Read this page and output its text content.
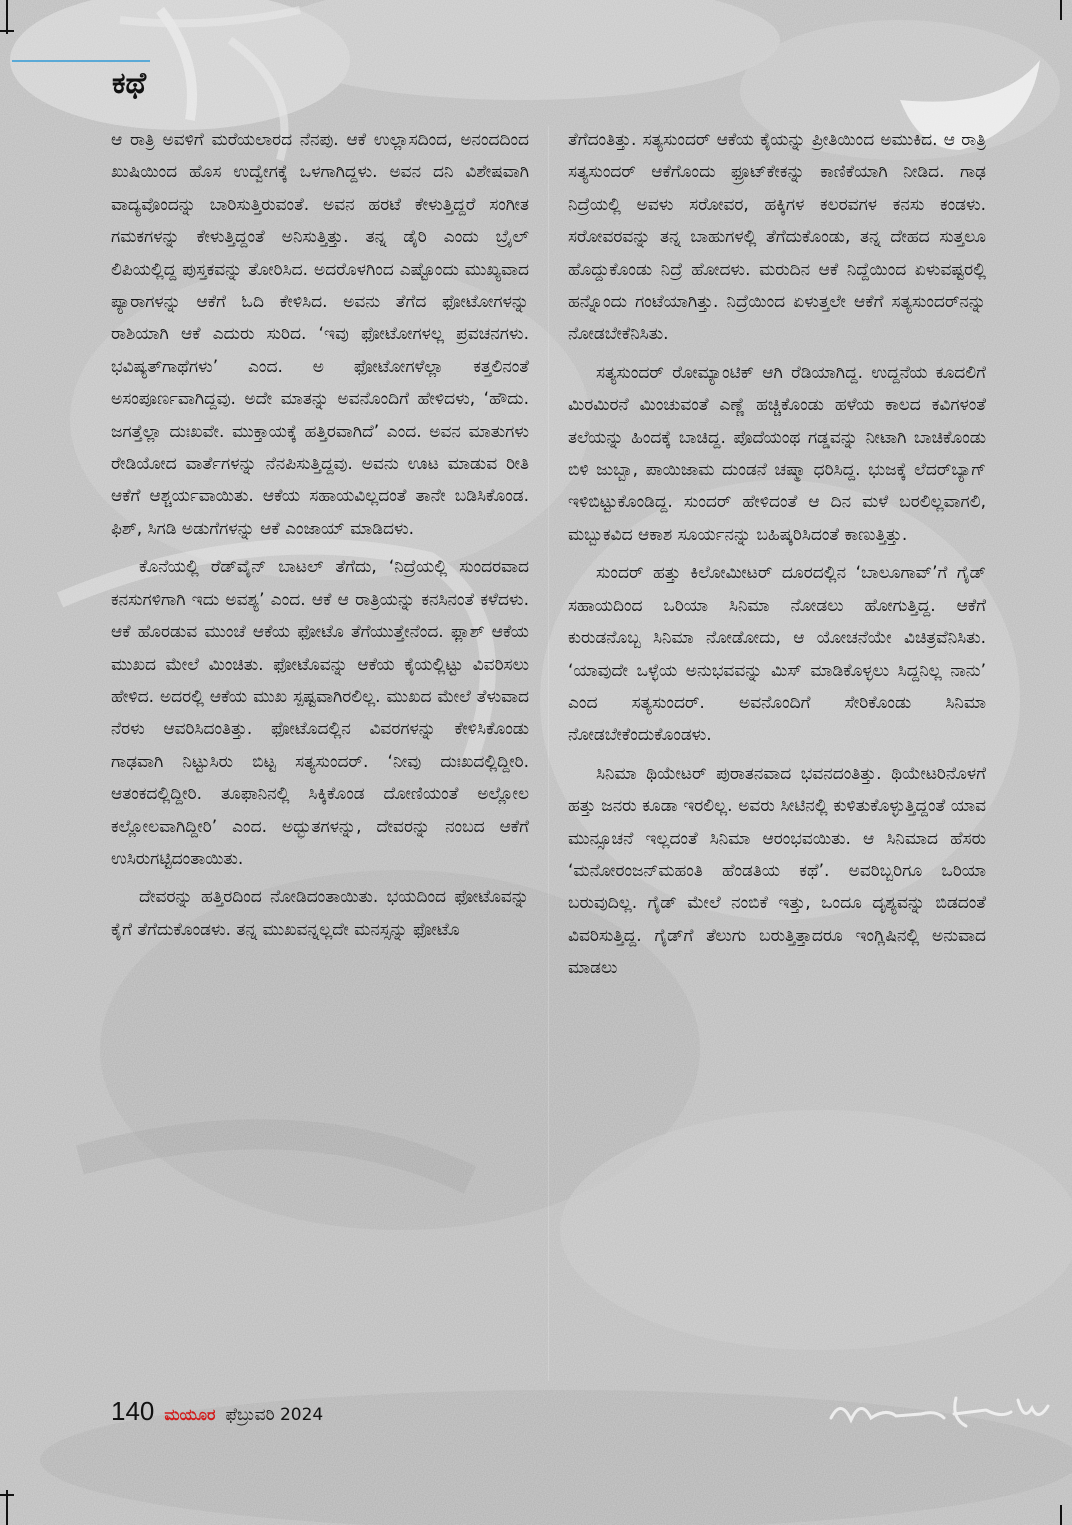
ಕಥೆ

ಆ ರಾತ್ರಿ ಅವಳಿಗೆ ಮರೆಯಲಾರದ ನೆನಪು. ಆಕೆ ಉಲ್ಲಾಸದಿಂದ, ಅನಂದದಿಂದ ಖುಷಿಯಿಂದ ಹೊಸ ಉದ್ವೇಗಕ್ಕೆ ಒಳಗಾಗಿದ್ದಳು. ಅವನ ದನಿ ವಿಶೇಷವಾಗಿ ವಾದ್ಯವೊಂದನ್ನು ಬಾರಿಸುತ್ತಿರುವಂತೆ. ಅವನ ಹರಟೆ ಕೇಳುತ್ತಿದ್ದರೆ ಸಂಗೀತ ಗಮಕಗಳನ್ನು ಕೇಳುತ್ತಿದ್ದಂತೆ ಅನಿಸುತ್ತಿತ್ತು. ತನ್ನ ಡೈರಿ ಎಂದು ಬ್ರೈಲ್ ಲಿಪಿಯಲ್ಲಿದ್ದ ಪುಸ್ತಕವನ್ನು ತೋರಿಸಿದ. ಅದರೊಳಗಿಂದ ಎಷ್ಟೊಂದು ಮುಖ್ಯವಾದ ಪ್ಯಾರಾಗಳನ್ನು ಆಕೆಗೆ ಓದಿ ಕೇಳಿಸಿದ. ಅವನು ತೆಗೆದ ಫೋಟೋಗಳನ್ನು ರಾಶಿಯಾಗಿ ಆಕೆ ಎದುರು ಸುರಿದ. ‘ಇವು ಫೋಟೋಗಳಲ್ಲ ಪ್ರವಚನಗಳು. ಭವಿಷ್ಯತ್‌ಗಾಥೆಗಳು’ ಎಂದ. ಅ ಫೋಟೋಗಳೆಲ್ಲಾ ಕತ್ತಲಿನಂತೆ ಅಸಂಪೂರ್ಣವಾಗಿದ್ದವು. ಅದೇ ಮಾತನ್ನು ಅವನೊಂದಿಗೆ ಹೇಳಿದಳು, ‘ಹೌದು. ಜಗತ್ತೆಲ್ಲಾ ದುಃಖವೇ. ಮುಕ್ತಾಯಕ್ಕೆ ಹತ್ತಿರವಾಗಿದೆ’ ಎಂದ. ಅವನ ಮಾತುಗಳು ರೇಡಿಯೋದ ವಾರ್ತೆಗಳನ್ನು ನೆನಪಿಸುತ್ತಿದ್ದವು. ಅವನು ಊಟ ಮಾಡುವ ರೀತಿ ಆಕೆಗೆ ಆಶ್ಚರ್ಯವಾಯಿತು. ಆಕೆಯ ಸಹಾಯವಿಲ್ಲದಂತೆ ತಾನೇ ಬಡಿಸಿಕೊಂಡ. ಫಿಶ್, ಸಿಗಡಿ ಅಡುಗೆಗಳನ್ನು ಆಕೆ ಎಂಜಾಯ್ ಮಾಡಿದಳು.

ಕೊನೆಯಲ್ಲಿ ರೆಡ್‌ವೈನ್ ಬಾಟಲ್ ತೆಗೆದು, ‘ನಿದ್ರೆಯಲ್ಲಿ ಸುಂದರವಾದ ಕನಸುಗಳಿಗಾಗಿ ಇದು ಅವಶ್ಯ’ ಎಂದ. ಆಕೆ ಆ ರಾತ್ರಿಯನ್ನು ಕನಸಿನಂತೆ ಕಳೆದಳು. ಆಕೆ ಹೊರಡುವ ಮುಂಚೆ ಆಕೆಯ ಫೋಟೊ ತೆಗೆಯುತ್ತೇನೆಂದ. ಫ್ಲಾಶ್ ಆಕೆಯ ಮುಖದ ಮೇಲೆ ಮಿಂಚಿತು. ಫೋಟೊವನ್ನು ಆಕೆಯ ಕೈಯಲ್ಲಿಟ್ಟು ವಿವರಿಸಲು ಹೇಳಿದ. ಅದರಲ್ಲಿ ಆಕೆಯ ಮುಖ ಸ್ಪಷ್ಟವಾಗಿರಲಿಲ್ಲ. ಮುಖದ ಮೇಲೆ ತೆಳುವಾದ ನೆರಳು ಆವರಿಸಿದಂತಿತ್ತು. ಫೋಟೊದಲ್ಲಿನ ವಿವರಗಳನ್ನು ಕೇಳಿಸಿಕೊಂಡು ಗಾಢವಾಗಿ ನಿಟ್ಟುಸಿರು ಬಿಟ್ಟ ಸತ್ಯಸುಂದರ್. ‘ನೀವು ದುಃಖದಲ್ಲಿದ್ದೀರಿ. ಆತಂಕದಲ್ಲಿದ್ದೀರಿ. ತೂಫಾನಿನಲ್ಲಿ ಸಿಕ್ಕಿಕೊಂಡ ದೋಣಿಯಂತೆ ಅಲ್ಲೋಲ ಕಲ್ಲೋಲವಾಗಿದ್ದೀರಿ’ ಎಂದ. ಅದ್ಭುತಗಳನ್ನು, ದೇವರನ್ನು ನಂಬದ ಆಕೆಗೆ ಉಸಿರುಗಟ್ಟಿದಂತಾಯಿತು.

ದೇವರನ್ನು ಹತ್ತಿರದಿಂದ ನೋಡಿದಂತಾಯಿತು. ಭಯದಿಂದ ಫೋಟೊವನ್ನು ಕೈಗೆ ತೆಗೆದುಕೊಂಡಳು. ತನ್ನ ಮುಖವನ್ನಲ್ಲದೇ ಮನಸ್ಸನ್ನು ಫೋಟೊ

ತೆಗೆದಂತಿತ್ತು. ಸತ್ಯಸುಂದರ್ ಆಕೆಯ ಕೈಯನ್ನು ಪ್ರೀತಿಯಿಂದ ಅಮುಕಿದ. ಆ ರಾತ್ರಿ ಸತ್ಯಸುಂದರ್ ಆಕೆಗೊಂದು ಫ್ರೂಟ್‌ಕೇಕನ್ನು ಕಾಣಿಕೆಯಾಗಿ ನೀಡಿದ. ಗಾಢ ನಿದ್ರೆಯಲ್ಲಿ ಅವಳು ಸರೋವರ, ಹಕ್ಕಿಗಳ ಕಲರವಗಳ ಕನಸು ಕಂಡಳು. ಸರೋವರವನ್ನು ತನ್ನ ಬಾಹುಗಳಲ್ಲಿ ತೆಗೆದುಕೊಂಡು, ತನ್ನ ದೇಹದ ಸುತ್ತಲೂ ಹೊದ್ದುಕೊಂಡು ನಿದ್ರೆ ಹೋದಳು. ಮರುದಿನ ಆಕೆ ನಿದ್ದೆಯಿಂದ ಏಳುವಷ್ಟರಲ್ಲಿ ಹನ್ನೊಂದು ಗಂಟೆಯಾಗಿತ್ತು. ನಿದ್ರೆಯಿಂದ ಏಳುತ್ತಲೇ ಆಕೆಗೆ ಸತ್ಯಸುಂದರ್‌ನನ್ನು ನೋಡಬೇಕೆನಿಸಿತು.

ಸತ್ಯಸುಂದರ್ ರೋಮ್ಯಾಂಟಿಕ್ ಆಗಿ ರೆಡಿಯಾಗಿದ್ದ. ಉದ್ದನೆಯ ಕೂದಲಿಗೆ ಮಿರಮಿರನೆ ಮಿಂಚುವಂತೆ ಎಣ್ಣೆ ಹಚ್ಚಿಕೊಂಡು ಹಳೆಯ ಕಾಲದ ಕವಿಗಳಂತೆ ತಲೆಯನ್ನು ಹಿಂದಕ್ಕೆ ಬಾಚಿದ್ದ. ಪೊದೆಯಂಥ ಗಡ್ಡವನ್ನು ನೀಟಾಗಿ ಬಾಚಿಕೊಂಡು ಬಿಳಿ ಜುಬ್ಬಾ, ಪಾಯಿಜಾಮ ದುಂಡನೆ ಚಷ್ಮಾ ಧರಿಸಿದ್ದ. ಭುಜಕ್ಕೆ ಲೆದರ್‌ಬ್ಯಾಗ್ ಇಳಿಬಿಟ್ಟುಕೊಂಡಿದ್ದ. ಸುಂದರ್ ಹೇಳಿದಂತೆ ಆ ದಿನ ಮಳೆ ಬರಲಿಲ್ಲವಾಗಲಿ, ಮಬ್ಬುಕವಿದ ಆಕಾಶ ಸೂರ್ಯನನ್ನು ಬಹಿಷ್ಕರಿಸಿದಂತೆ ಕಾಣುತ್ತಿತ್ತು.

ಸುಂದರ್ ಹತ್ತು ಕಿಲೋಮೀಟರ್ ದೂರದಲ್ಲಿನ ‘ಬಾಲೂಗಾವ್’ಗೆ ಗೈಡ್ ಸಹಾಯದಿಂದ ಒರಿಯಾ ಸಿನಿಮಾ ನೋಡಲು ಹೋಗುತ್ತಿದ್ದ. ಆಕೆಗೆ ಕುರುಡನೊಬ್ಬ ಸಿನಿಮಾ ನೋಡೋದು, ಆ ಯೋಚನೆಯೇ ವಿಚಿತ್ರವೆನಿಸಿತು. ‘ಯಾವುದೇ ಒಳ್ಳೆಯ ಅನುಭವವನ್ನು ಮಿಸ್ ಮಾಡಿಕೊಳ್ಳಲು ಸಿದ್ದನಿಲ್ಲ ನಾನು’ ಎಂದ ಸತ್ಯಸುಂದರ್. ಅವನೊಂದಿಗೆ ಸೇರಿಕೊಂಡು ಸಿನಿಮಾ ನೋಡಬೇಕೆಂದುಕೊಂಡಳು.

ಸಿನಿಮಾ ಥಿಯೇಟರ್ ಪುರಾತನವಾದ ಭವನದಂತಿತ್ತು. ಥಿಯೇಟರಿನೊಳಗೆ ಹತ್ತು ಜನರು ಕೂಡಾ ಇರಲಿಲ್ಲ. ಅವರು ಸೀಟಿನಲ್ಲಿ ಕುಳಿತುಕೊಳ್ಳುತ್ತಿದ್ದಂತೆ ಯಾವ ಮುನ್ಸೂಚನೆ ಇಲ್ಲದಂತೆ ಸಿನಿಮಾ ಆರಂಭವಯಿತು. ಆ ಸಿನಿಮಾದ ಹೆಸರು ‘ಮನೋರಂಜನ್‌ಮಹಂತಿ ಹೆಂಡತಿಯ ಕಥೆ’. ಅವರಿಬ್ಬರಿಗೂ ಒರಿಯಾ ಬರುವುದಿಲ್ಲ. ಗೈಡ್ ಮೇಲೆ ನಂಬಿಕೆ ಇತ್ತು, ಒಂದೂ ದೃಶ್ಯವನ್ನು ಬಿಡದಂತೆ ವಿವರಿಸುತ್ತಿದ್ದ. ಗೈಡ್‌ಗೆ ತೆಲುಗು ಬರುತ್ತಿತ್ತಾದರೂ ಇಂಗ್ಲಿಷಿನಲ್ಲಿ ಅನುವಾದ ಮಾಡಲು

140 ಮಯೂರ ಫೆಬ್ರುವರಿ 2024
